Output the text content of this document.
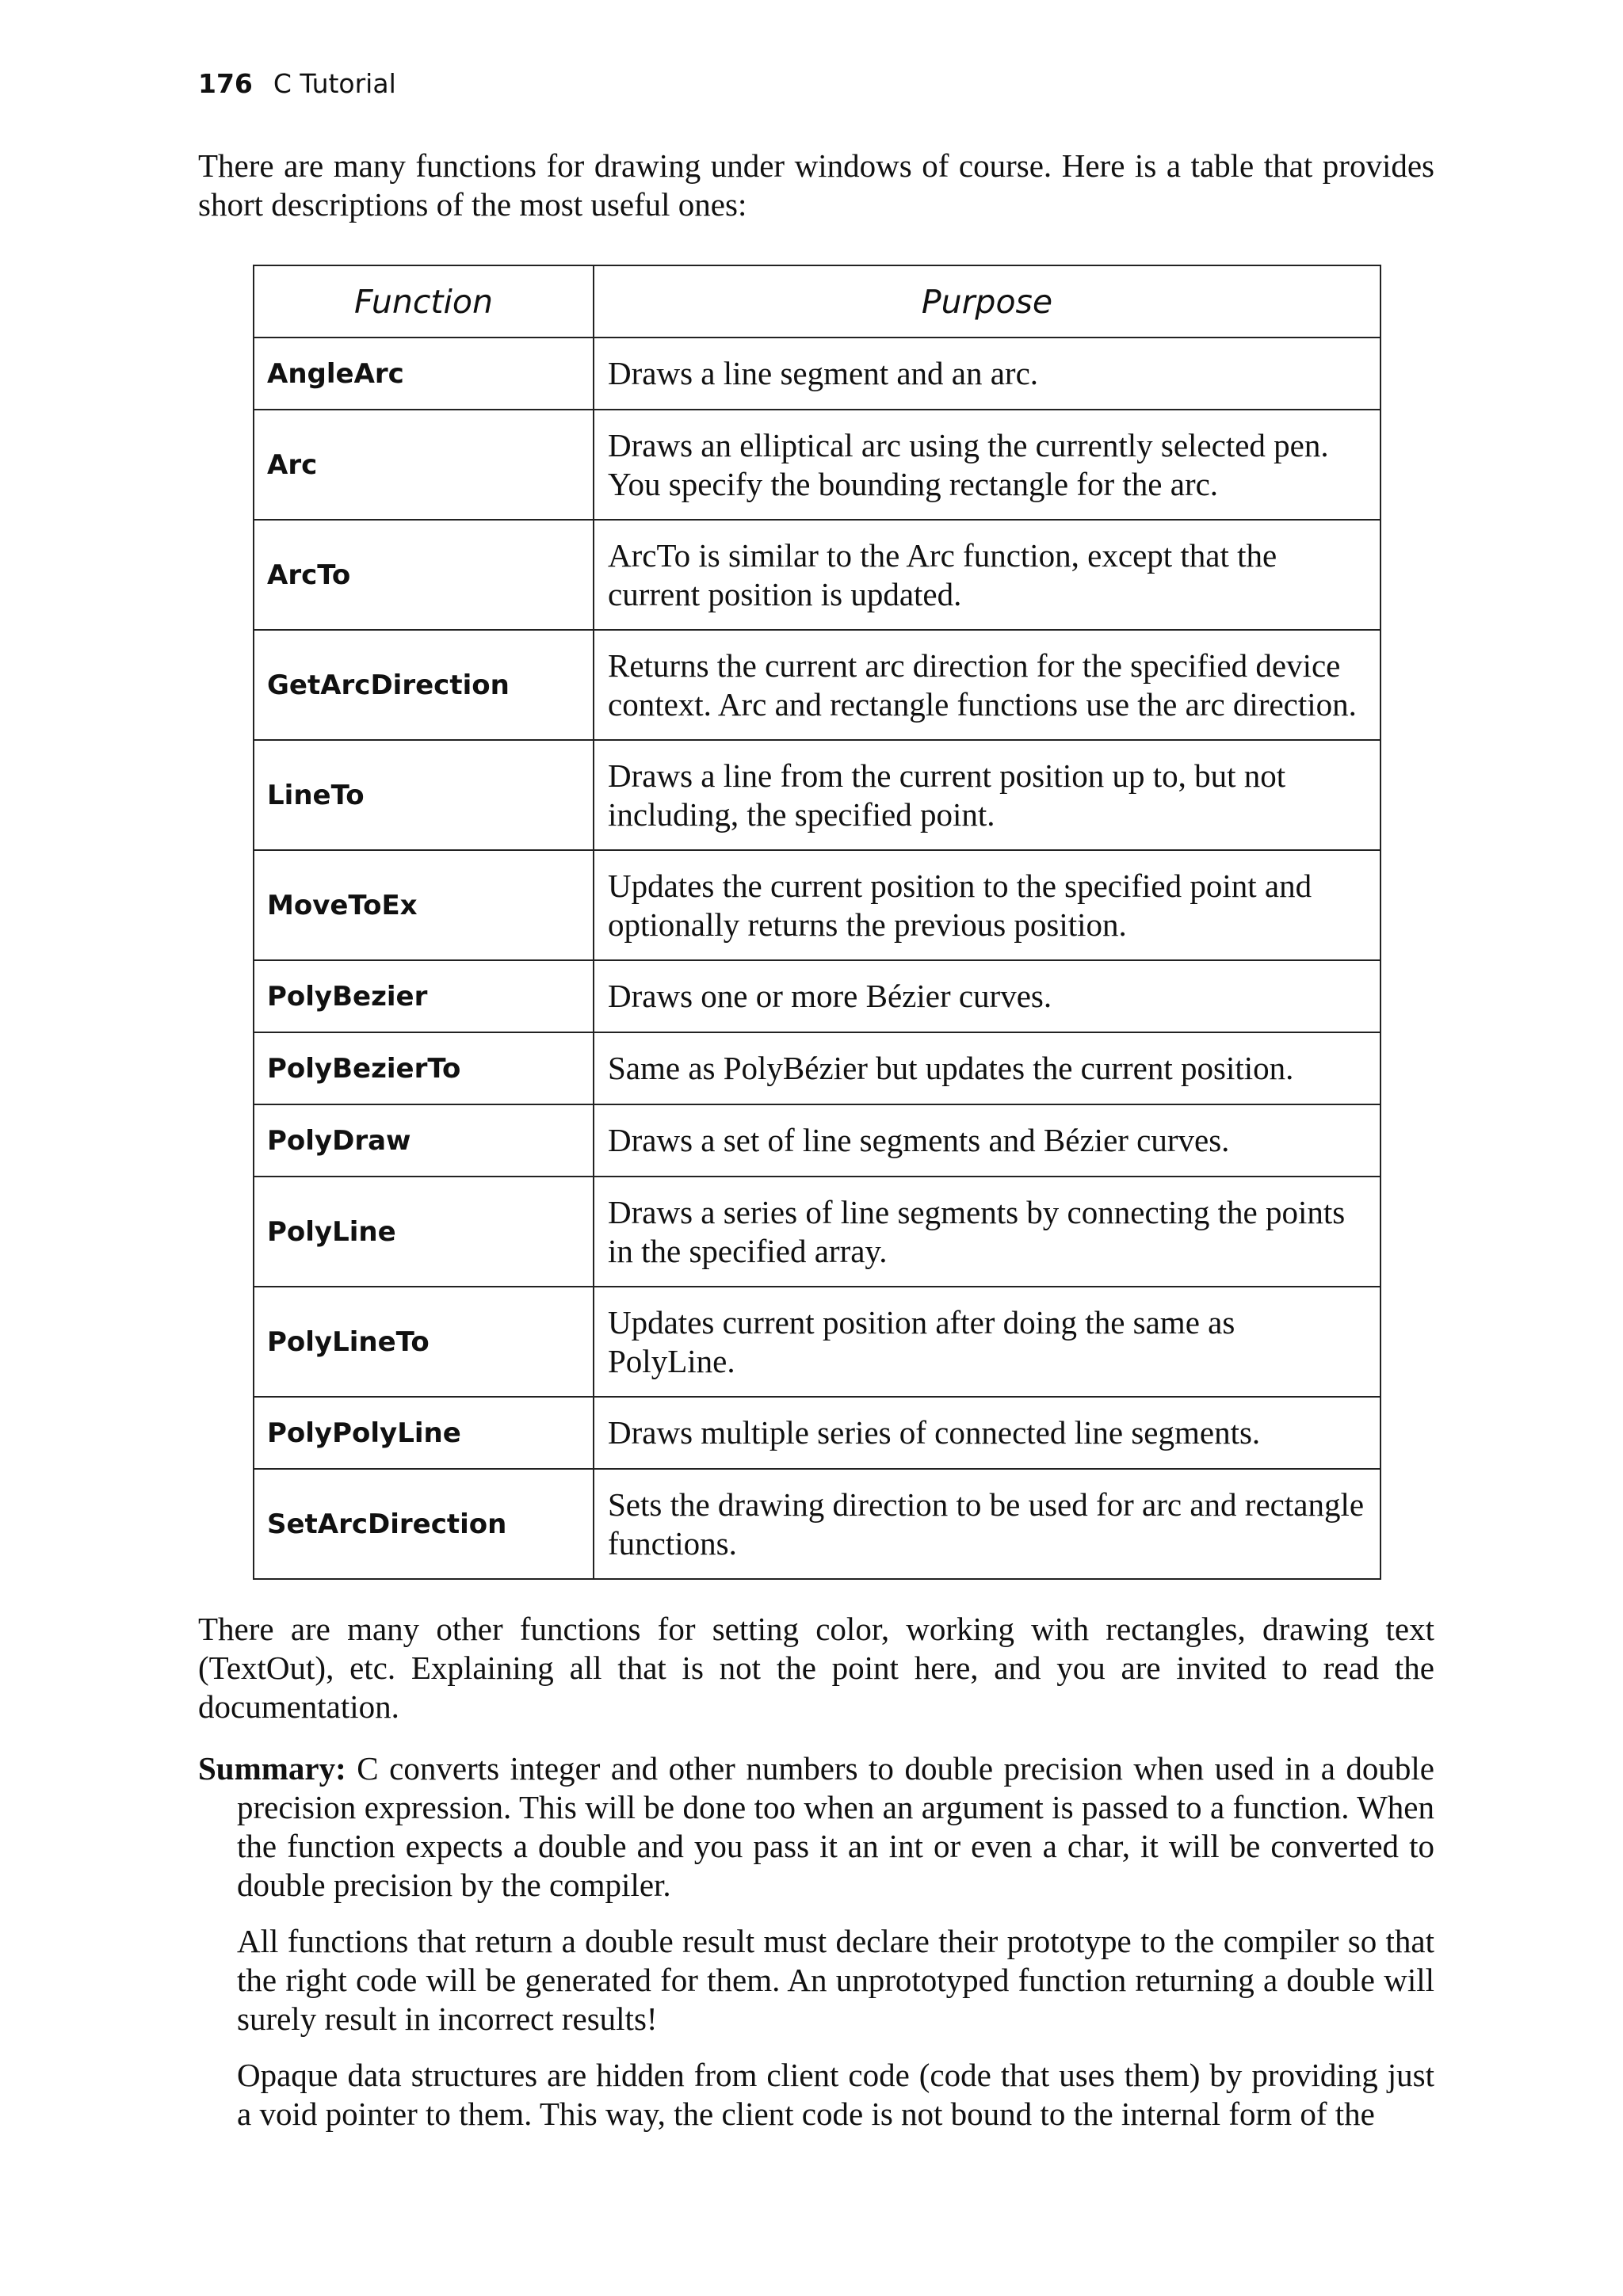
176 C Tutorial

There are many functions for drawing under windows of course. Here is a table that provides short descriptions of the most useful ones:

Function	Purpose
AngleArc	Draws a line segment and an arc.
Arc	Draws an elliptical arc using the currently selected pen. You specify the bounding rectangle for the arc.
ArcTo	ArcTo is similar to the Arc function, except that the current position is updated.
GetArcDirection	Returns the current arc direction for the specified device context. Arc and rectangle functions use the arc direction.
LineTo	Draws a line from the current position up to, but not including, the specified point.
MoveToEx	Updates the current position to the specified point and optionally returns the previous position.
PolyBezier	Draws one or more Bézier curves.
PolyBezierTo	Same as PolyBézier but updates the current position.
PolyDraw	Draws a set of line segments and Bézier curves.
PolyLine	Draws a series of line segments by connecting the points in the specified array.
PolyLineTo	Updates current position after doing the same as PolyLine.
PolyPolyLine	Draws multiple series of connected line segments.
SetArcDirection	Sets the drawing direction to be used for arc and rectangle functions.

There are many other functions for setting color, working with rectangles, drawing text (TextOut), etc. Explaining all that is not the point here, and you are invited to read the documentation.

Summary: C converts integer and other numbers to double precision when used in a double precision expression. This will be done too when an argument is passed to a function. When the function expects a double and you pass it an int or even a char, it will be converted to double precision by the compiler.

All functions that return a double result must declare their prototype to the compiler so that the right code will be generated for them. An unprototyped function returning a double will surely result in incorrect results!

Opaque data structures are hidden from client code (code that uses them) by providing just a void pointer to them. This way, the client code is not bound to the internal form of the
